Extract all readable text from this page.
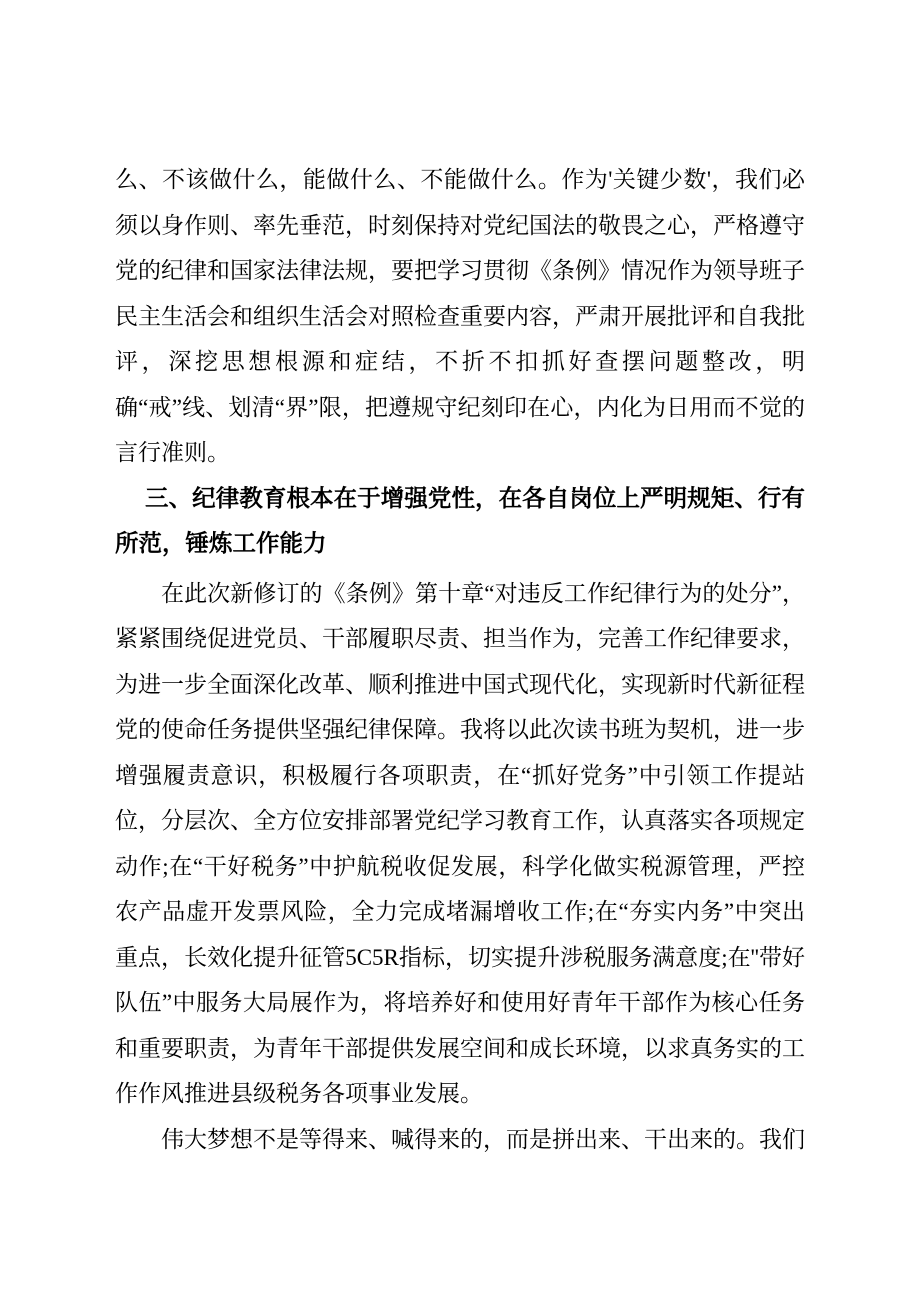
么、不该做什么，能做什么、不能做什么。作为'关键少数'，我们必须以身作则、率先垂范，时刻保持对党纪国法的敬畏之心，严格遵守党的纪律和国家法律法规，要把学习贯彻《条例》情况作为领导班子民主生活会和组织生活会对照检查重要内容，严肃开展批评和自我批评，深挖思想根源和症结，不折不扣抓好查摆问题整改，明确“戒”线、划清“界”限，把遵规守纪刻印在心，内化为日用而不觉的言行准则。

三、纪律教育根本在于增强党性，在各自岗位上严明规矩、行有所范，锤炼工作能力

在此次新修订的《条例》第十章“对违反工作纪律行为的处分”，紧紧围绕促进党员、干部履职尽责、担当作为，完善工作纪律要求，为进一步全面深化改革、顺利推进中国式现代化，实现新时代新征程党的使命任务提供坚强纪律保障。我将以此次读书班为契机，进一步增强履责意识，积极履行各项职责，在“抓好党务”中引领工作提站位，分层次、全方位安排部署党纪学习教育工作，认真落实各项规定动作;在“干好税务”中护航税收促发展，科学化做实税源管理，严控农产品虚开发票风险，全力完成堵漏增收工作;在“夯实内务”中突出重点，长效化提升征管5C5R指标，切实提升涉税服务满意度;在''带好队伍”中服务大局展作为，将培养好和使用好青年干部作为核心任务和重要职责，为青年干部提供发展空间和成长环境，以求真务实的工作作风推进县级税务各项事业发展。

伟大梦想不是等得来、喊得来的，而是拼出来、干出来的。我们
